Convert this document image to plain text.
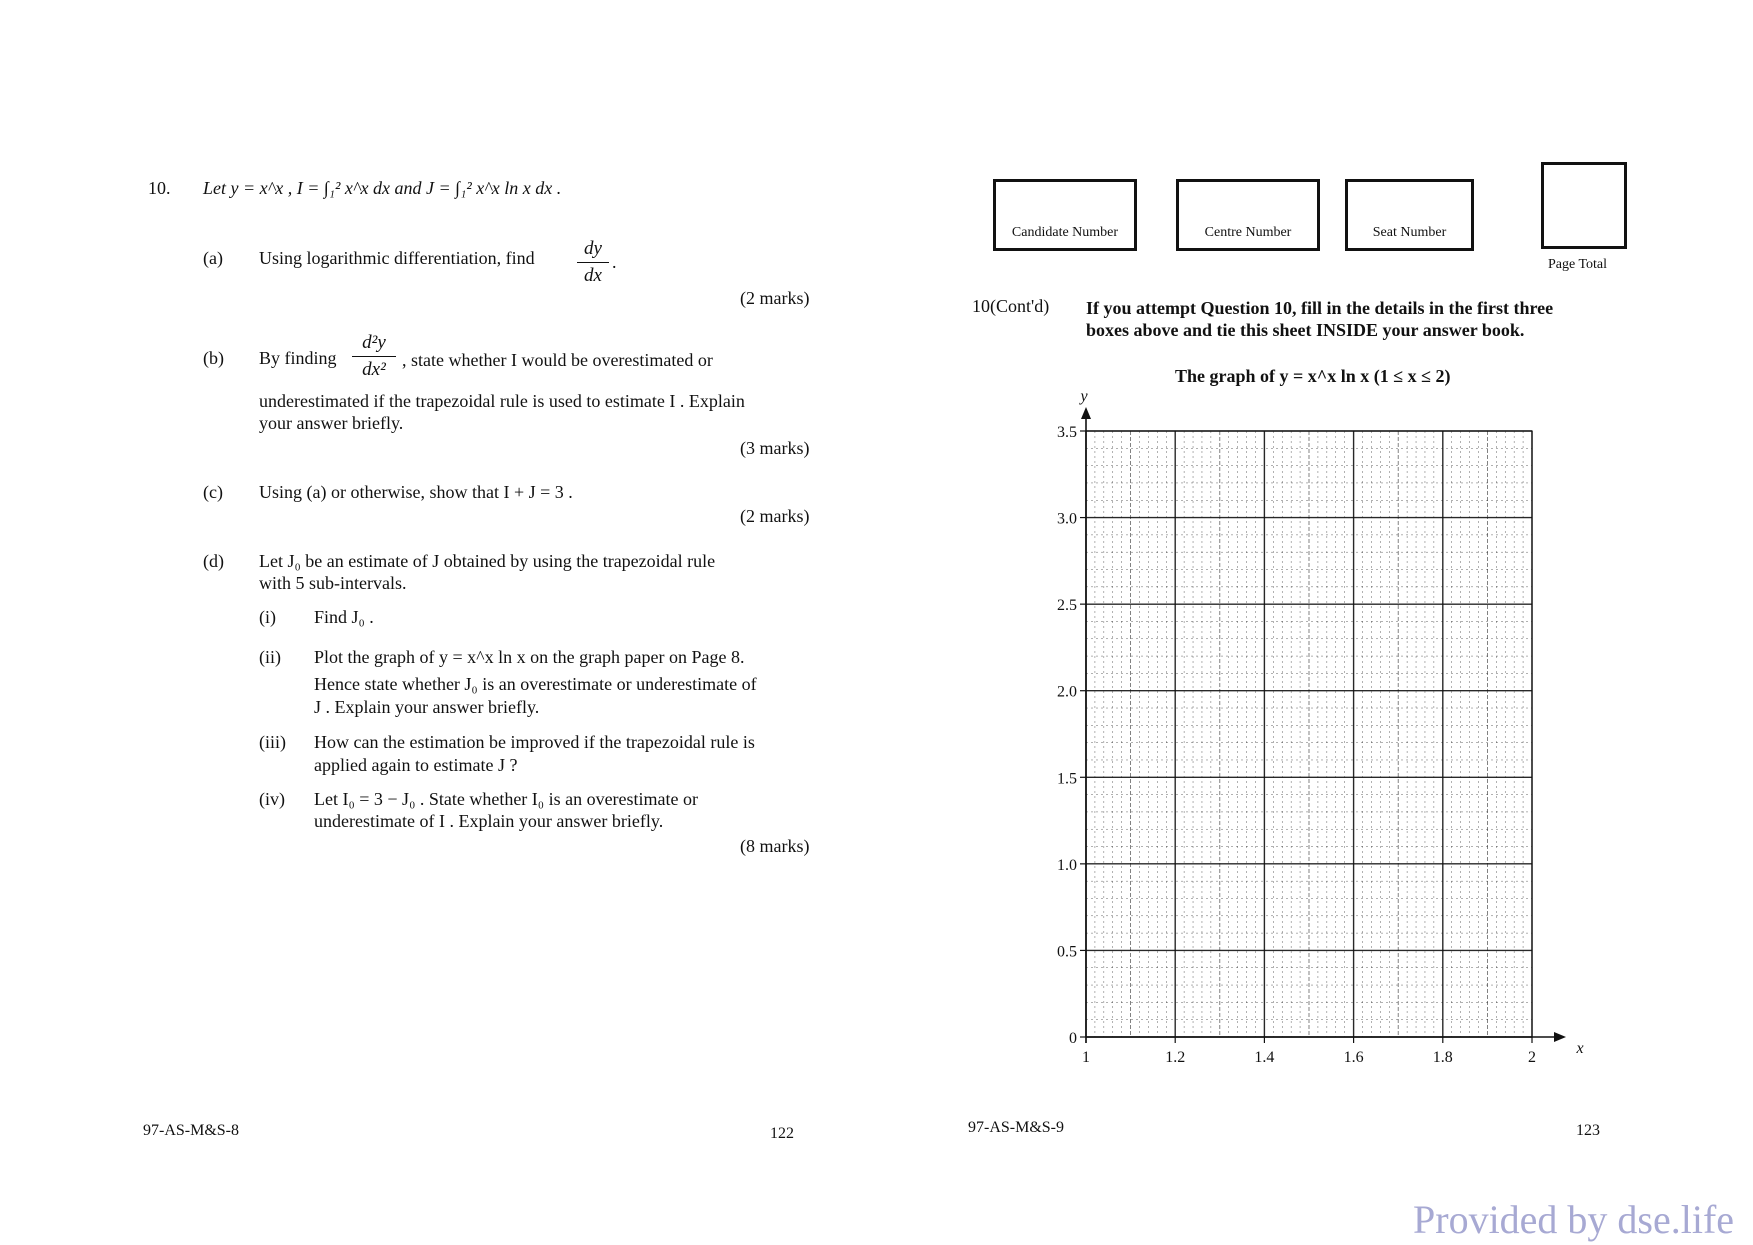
10. Let y = x^x , I = ∫₁² x^x dx and J = ∫₁² x^x ln x dx .
(a) Using logarithmic differentiation, find	dy
dx
.
(2 marks)
(b) By finding
d²y
dx² , state whether I would be overestimated or
underestimated if the trapezoidal rule is used to estimate I . Explain
your answer briefly.
(3 marks)
(c) Using (a) or otherwise, show that I + J = 3 .
(2 marks)
(d) Let J₀ be an estimate of J obtained by using the trapezoidal rule
with 5 sub-intervals.
(i) Find J₀ .
(ii) Plot the graph of y = x^x ln x on the graph paper on Page 8.
Hence state whether J₀ is an overestimate or underestimate of
J . Explain your answer briefly.
(iii) How can the estimation be improved if the trapezoidal rule is
applied again to estimate J ?
(iv) Let I₀ = 3 − J₀ . State whether I₀ is an overestimate or
underestimate of I . Explain your answer briefly.
(8 marks)
97-AS-M&S-8	122
Candidate Number	Centre Number	Seat Number
Page Total
10(Cont'd) If you attempt Question 10, fill in the details in the first three
boxes above and tie this sheet INSIDE your answer book.
The graph of y = x^x ln x (1 ≤ x ≤ 2)
1	1.2	1.4	1.6	1.8	2
0
0.5
1.0
1.5
2.0
2.5
3.0
3.5
x
y
97-AS-M&S-9	123
Provided by dse.life
